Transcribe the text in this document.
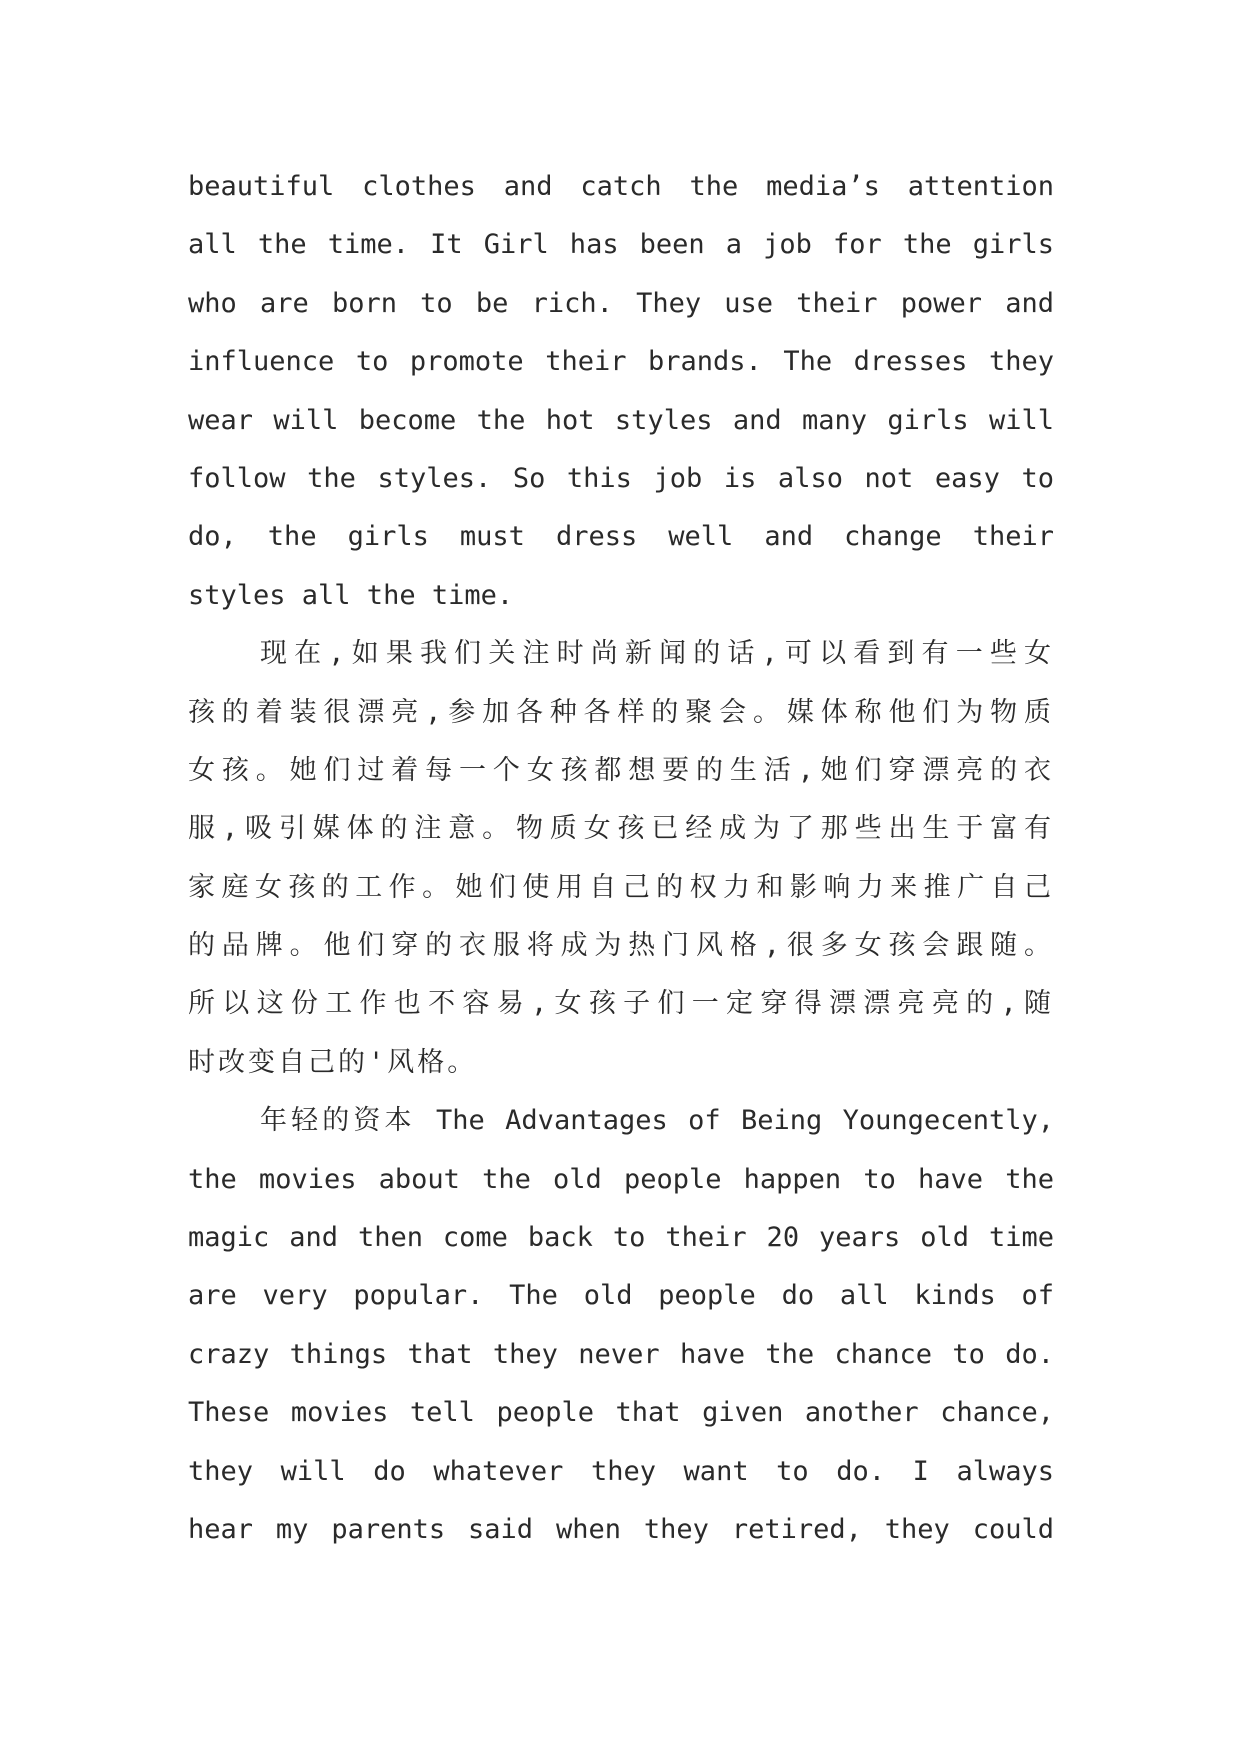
beautiful clothes and catch the media’s attention
all the time. It Girl has been a job for the girls
who are born to be rich. They use their power and
influence to promote their brands. The dresses they
wear will become the hot styles and many girls will
follow the styles. So this job is also not easy to
do, the girls must dress well and change their
styles all the time.
现在,如果我们关注时尚新闻的话,可以看到有一些女
孩的着装很漂亮,参加各种各样的聚会。媒体称他们为物质
女孩。她们过着每一个女孩都想要的生活,她们穿漂亮的衣
服,吸引媒体的注意。物质女孩已经成为了那些出生于富有
家庭女孩的工作。她们使用自己的权力和影响力来推广自己
的品牌。他们穿的衣服将成为热门风格,很多女孩会跟随。
所以这份工作也不容易,女孩子们一定穿得漂漂亮亮的,随
时改变自己的'风格。
年轻的资本 The Advantages of Being Youngecently,
the movies about the old people happen to have the
magic and then come back to their 20 years old time
are very popular. The old people do all kinds of
crazy things that they never have the chance to do.
These movies tell people that given another chance,
they will do whatever they want to do. I always
hear my parents said when they retired, they could
